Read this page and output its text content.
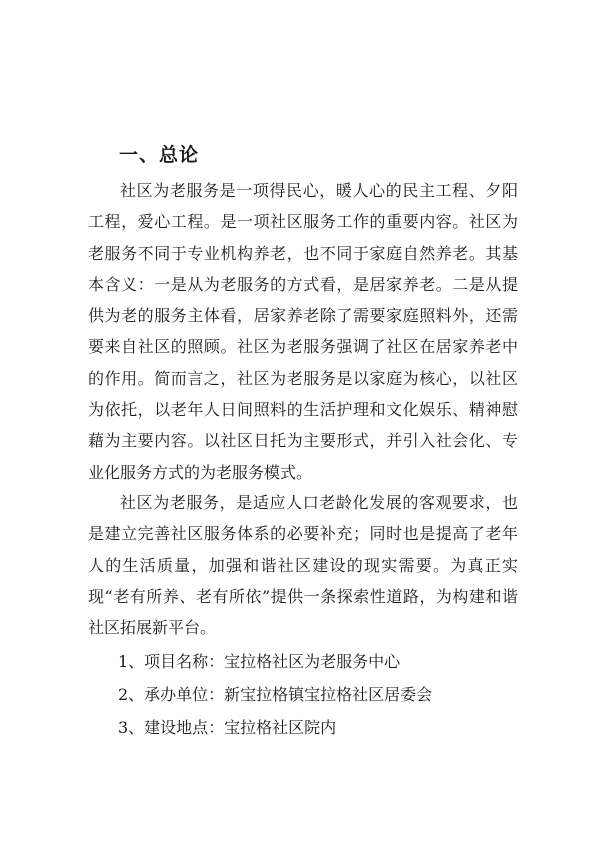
一、总论

社区为老服务是一项得民心，暖人心的民主工程、夕阳工程，爱心工程。是一项社区服务工作的重要内容。社区为老服务不同于专业机构养老，也不同于家庭自然养老。其基本含义：一是从为老服务的方式看，是居家养老。二是从提供为老的服务主体看，居家养老除了需要家庭照料外，还需要来自社区的照顾。社区为老服务强调了社区在居家养老中的作用。简而言之，社区为老服务是以家庭为核心，以社区为依托，以老年人日间照料的生活护理和文化娱乐、精神慰藉为主要内容。以社区日托为主要形式，并引入社会化、专业化服务方式的为老服务模式。

社区为老服务，是适应人口老龄化发展的客观要求，也是建立完善社区服务体系的必要补充；同时也是提高了老年人的生活质量，加强和谐社区建设的现实需要。为真正实现“老有所养、老有所依”提供一条探索性道路，为构建和谐社区拓展新平台。

1、项目名称：宝拉格社区为老服务中心
2、承办单位：新宝拉格镇宝拉格社区居委会
3、建设地点：宝拉格社区院内
